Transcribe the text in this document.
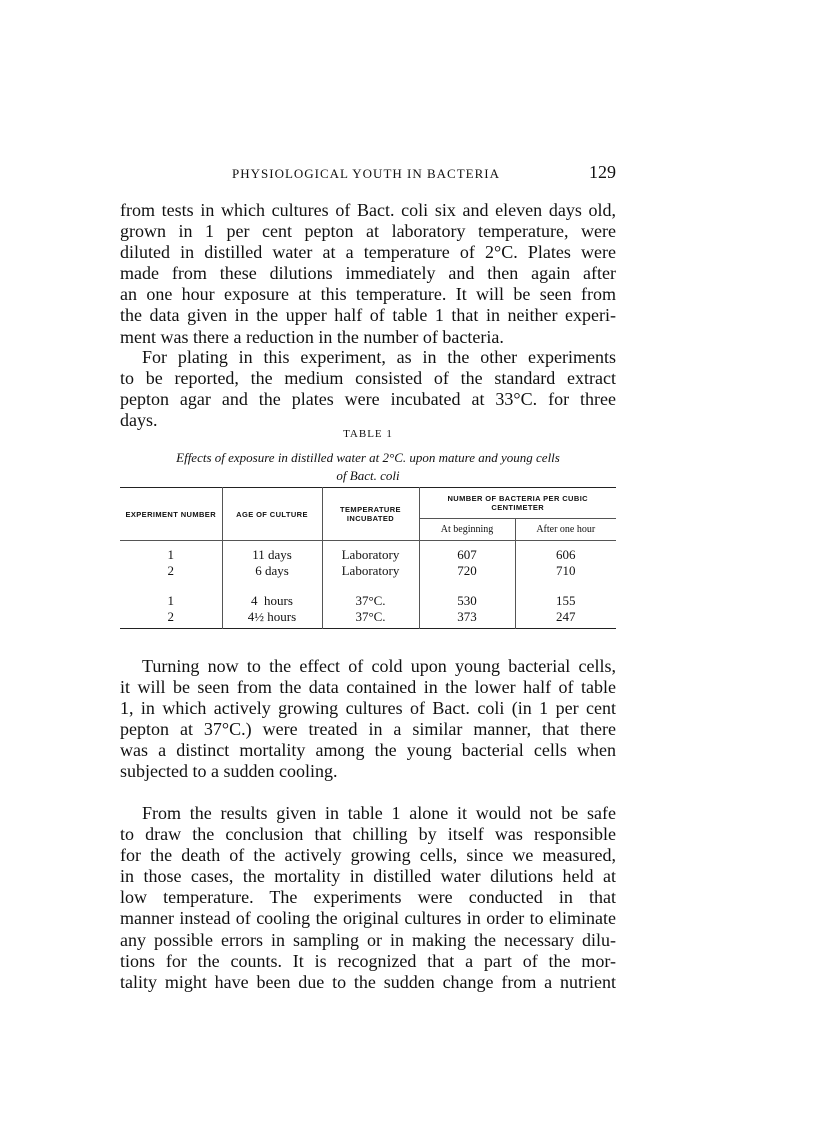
PHYSIOLOGICAL YOUTH IN BACTERIA	129
from tests in which cultures of Bact. coli six and eleven days old,
grown in 1 per cent pepton at laboratory temperature, were
diluted in distilled water at a temperature of 2°C. Plates were
made from these dilutions immediately and then again after
an one hour exposure at this temperature. It will be seen from
the data given in the upper half of table 1 that in neither experi-
ment was there a reduction in the number of bacteria.
For plating in this experiment, as in the other experiments
to be reported, the medium consisted of the standard extract
pepton agar and the plates were incubated at 33°C. for three
days.
TABLE 1
Effects of exposure in distilled water at 2°C. upon mature and young cells
of Bact. coli
EXPERIMENT NUMBER	AGE OF CULTURE	TEMPERATURE INCUBATED	NUMBER OF BACTERIA PER CUBIC CENTIMETER	
			At beginning	After one hour

1	11 days	Laboratory	607	606
2	6 days	Laboratory	720	710

1	4  hours	37°C.	530	155
2	4½ hours	37°C.	373	247
Turning now to the effect of cold upon young bacterial cells,
it will be seen from the data contained in the lower half of table
1, in which actively growing cultures of Bact. coli (in 1 per cent
pepton at 37°C.) were treated in a similar manner, that there
was a distinct mortality among the young bacterial cells when
subjected to a sudden cooling.
From the results given in table 1 alone it would not be safe
to draw the conclusion that chilling by itself was responsible
for the death of the actively growing cells, since we measured,
in those cases, the mortality in distilled water dilutions held at
low temperature. The experiments were conducted in that
manner instead of cooling the original cultures in order to eliminate
any possible errors in sampling or in making the necessary dilu-
tions for the counts. It is recognized that a part of the mor-
tality might have been due to the sudden change from a nutrient
